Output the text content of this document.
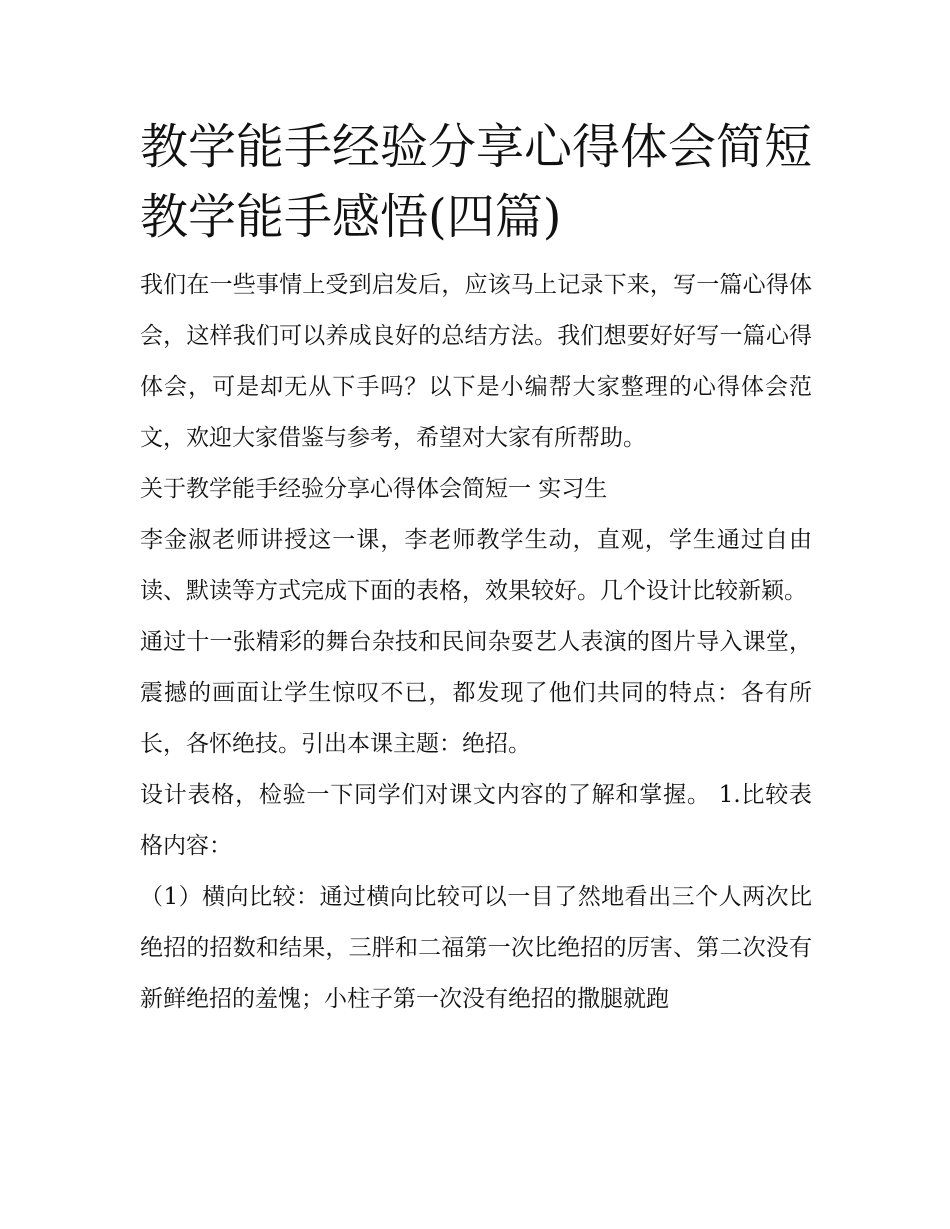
教学能手经验分享心得体会简短 教学能手感悟(四篇)

我们在一些事情上受到启发后，应该马上记录下来，写一篇心得体会，这样我们可以养成良好的总结方法。我们想要好好写一篇心得体会，可是却无从下手吗？以下是小编帮大家整理的心得体会范文，欢迎大家借鉴与参考，希望对大家有所帮助。

关于教学能手经验分享心得体会简短一 实习生

李金淑老师讲授这一课，李老师教学生动，直观，学生通过自由读、默读等方式完成下面的表格，效果较好。几个设计比较新颖。

通过十一张精彩的舞台杂技和民间杂耍艺人表演的图片导入课堂，震撼的画面让学生惊叹不已，都发现了他们共同的特点：各有所长，各怀绝技。引出本课主题：绝招。

设计表格，检验一下同学们对课文内容的了解和掌握。 1.比较表格内容：

（1）横向比较：通过横向比较可以一目了然地看出三个人两次比绝招的招数和结果，三胖和二福第一次比绝招的厉害、第二次没有新鲜绝招的羞愧；小柱子第一次没有绝招的撒腿就跑
